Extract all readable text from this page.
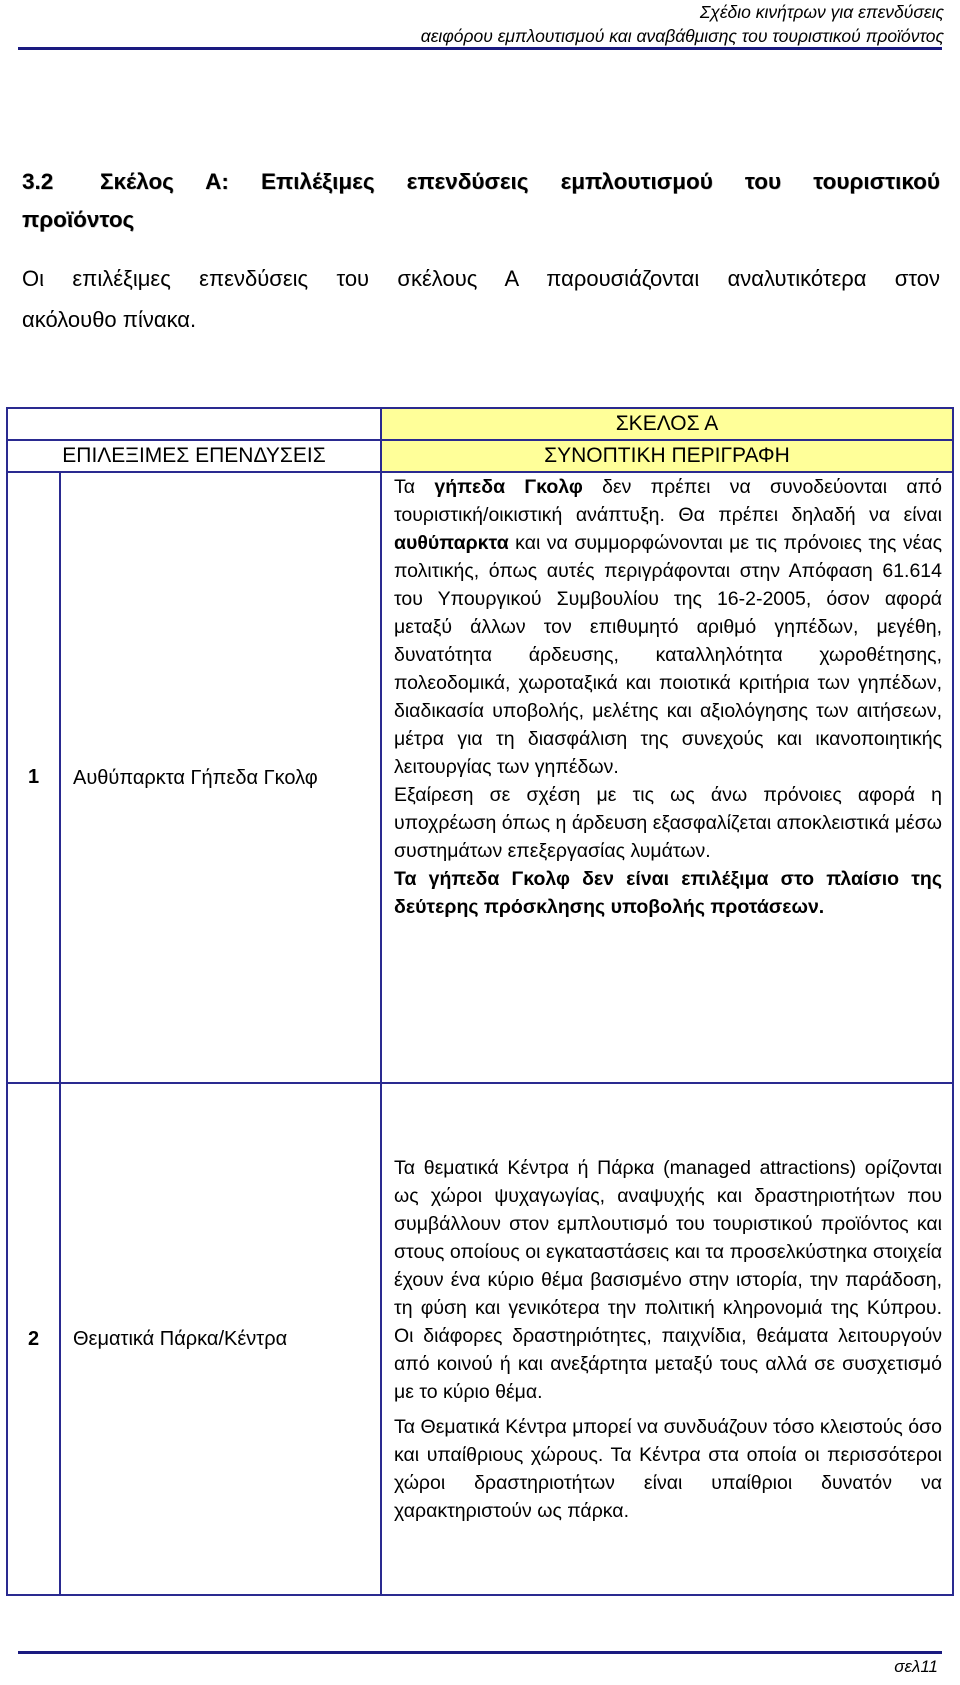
Σχέδιο κινήτρων για επενδύσεις
αειφόρου εμπλουτισμού και αναβάθμισης του τουριστικού προϊόντος
3.2 Σκέλος Α: Επιλέξιμες επενδύσεις εμπλουτισμού του τουριστικού
προϊόντος
Οι επιλέξιμες επενδύσεις του σκέλους Α παρουσιάζονται αναλυτικότερα στον
ακόλουθο πίνακα.
		ΣΚΕΛΟΣ Α
ΕΠΙΛΕΞΙΜΕΣ ΕΠΕΝΔΥΣΕΙΣ		ΣΥΝΟΠΤΙΚΗ ΠΕΡΙΓΡΑΦΗ
1	Αυθύπαρκτα Γήπεδα Γκολφ	Τα γήπεδα Γκολφ δεν πρέπει να συνοδεύονται από τουριστική/οικιστική ανάπτυξη. Θα πρέπει δηλαδή να είναι αυθύπαρκτα και να συμμορφώνονται με τις πρόνοιες της νέας πολιτικής, όπως αυτές περιγράφονται στην Απόφαση 61.614 του Υπουργικού Συμβουλίου της 16-2-2005, όσον αφορά μεταξύ άλλων τον επιθυμητό αριθμό γηπέδων, μεγέθη, δυνατότητα άρδευσης, καταλληλότητα χωροθέτησης, πολεοδομικά, χωροταξικά και ποιοτικά κριτήρια των γηπέδων, διαδικασία υποβολής, μελέτης και αξιολόγησης των αιτήσεων, μέτρα για τη διασφάλιση της συνεχούς και ικανοποιητικής λειτουργίας των γηπέδων.

Εξαίρεση σε σχέση με τις ως άνω πρόνοιες αφορά η υποχρέωση όπως η άρδευση εξασφαλίζεται αποκλειστικά μέσω συστημάτων επεξεργασίας λυμάτων.

Τα γήπεδα Γκολφ δεν είναι επιλέξιμα στο πλαίσιο της δεύτερης πρόσκλησης υποβολής προτάσεων.

2	Θεματικά Πάρκα/Κέντρα	Τα θεματικά Κέντρα ή Πάρκα (managed attractions) ορίζονται ως χώροι ψυχαγωγίας, αναψυχής και δραστηριοτήτων που συμβάλλουν στον εμπλουτισμό του τουριστικού προϊόντος και στους οποίους οι εγκαταστάσεις και τα προσελκύστηκα στοιχεία έχουν ένα κύριο θέμα βασισμένο στην ιστορία, την παράδοση, τη φύση και γενικότερα την πολιτική κληρονομιά της Κύπρου. Οι διάφορες δραστηριότητες, παιχνίδια, θεάματα λειτουργούν από κοινού ή και ανεξάρτητα μεταξύ τους αλλά σε συσχετισμό με το κύριο θέμα.

Τα Θεματικά Κέντρα μπορεί να συνδυάζουν τόσο κλειστούς όσο και υπαίθριους χώρους. Τα Κέντρα στα οποία οι περισσότεροι χώροι δραστηριοτήτων είναι υπαίθριοι δυνατόν να χαρακτηριστούν ως πάρκα.

σελ11
